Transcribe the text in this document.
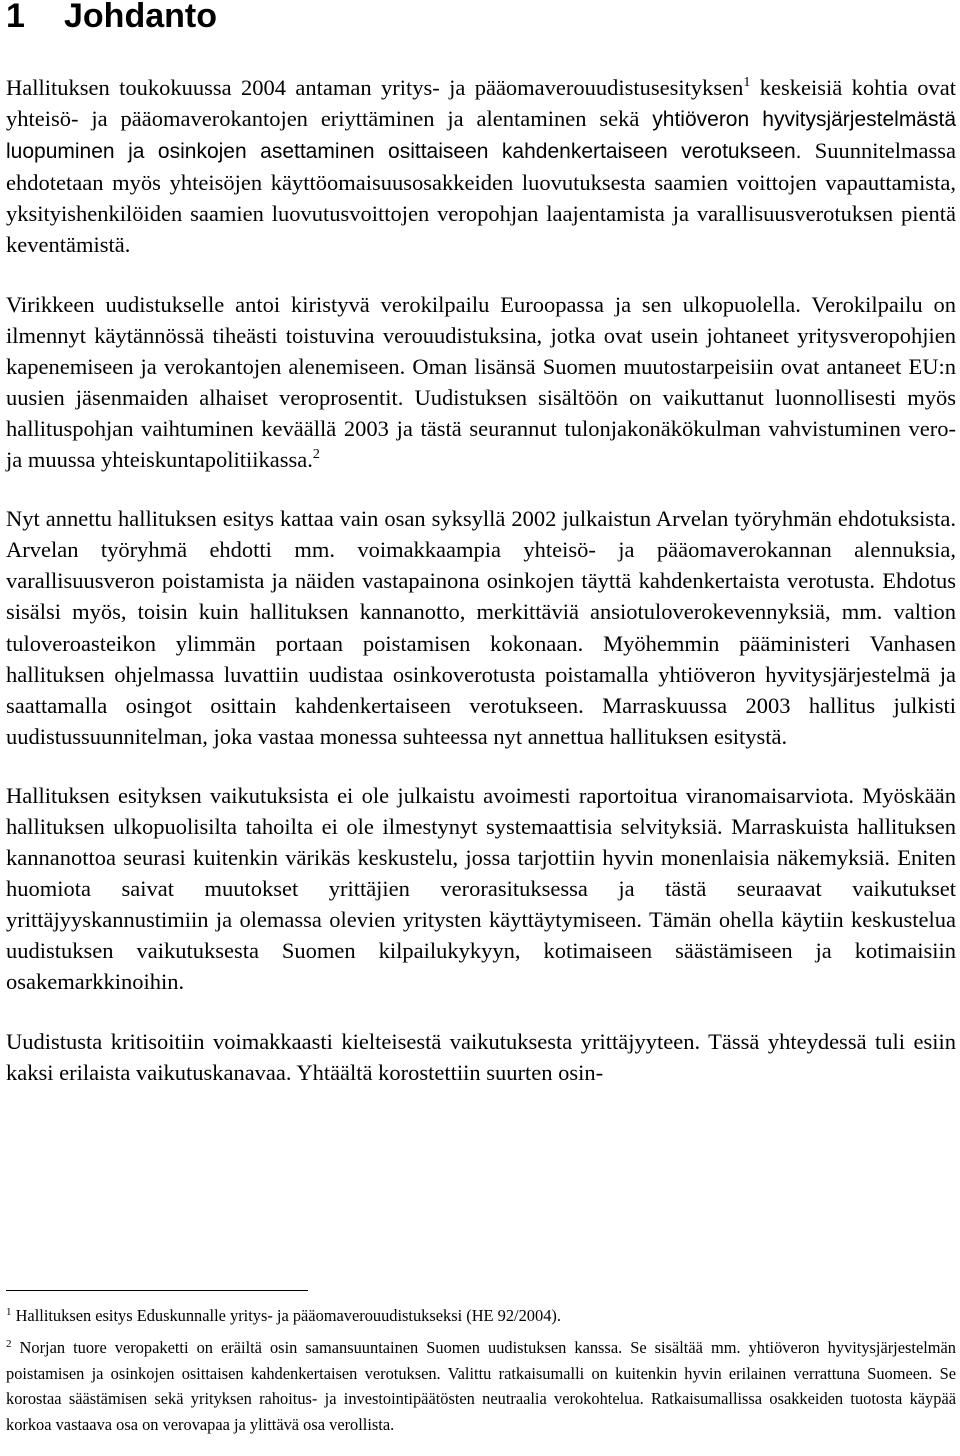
1 Johdanto

Hallituksen toukokuussa 2004 antaman yritys- ja pääomaverouudistusesityksen$^1$ keskeisiä kohtia ovat yhteisö- ja pääomaverokantojen eriyttäminen ja alentaminen sekä yhtiöveron hyvitysjärjestelmästä luopuminen ja osinkojen asettaminen osittaiseen kahdenkertaiseen verotukseen. Suunnitelmassa ehdotetaan myös yhteisöjen käyttöomaisuusosakkeiden luovutuksesta saamien voittojen vapauttamista, yksityishenkilöiden saamien luovutusvoittojen veropohjan laajentamista ja varallisuusverotuksen pientä keventämistä.

Virikkeen uudistukselle antoi kiristyvä verokilpailu Euroopassa ja sen ulkopuolella. Verokilpailu on ilmennyt käytännössä tiheästi toistuvina verouudistuksina, jotka ovat usein johtaneet yritysveropohjien kapenemiseen ja verokantojen alenemiseen. Oman lisänsä Suomen muutostarpeisiin ovat antaneet EU:n uusien jäsenmaiden alhaiset veroprosentit. Uudistuksen sisältöön on vaikuttanut luonnollisesti myös hallituspohjan vaihtuminen keväällä 2003 ja tästä seurannut tulonjakonäkökulman vahvistuminen vero- ja muussa yhteiskuntapolitiikassa.$^2$

Nyt annettu hallituksen esitys kattaa vain osan syksyllä 2002 julkaistun Arvelan työryhmän ehdotuksista. Arvelan työryhmä ehdotti mm. voimakkaampia yhteisö- ja pääomaverokannan alennuksia, varallisuusveron poistamista ja näiden vastapainona osinkojen täyttä kahdenkertaista verotusta. Ehdotus sisälsi myös, toisin kuin hallituksen kannanotto, merkittäviä ansiotuloverokevennyksiä, mm. valtion tuloveroasteikon ylimmän portaan poistamisen kokonaan. Myöhemmin pääministeri Vanhasen hallituksen ohjelmassa luvattiin uudistaa osinkoverotusta poistamalla yhtiöveron hyvitysjärjestelmä ja saattamalla osingot osittain kahdenkertaiseen verotukseen. Marraskuussa 2003 hallitus julkisti uudistussuunnitelman, joka vastaa monessa suhteessa nyt annettua hallituksen esitystä.

Hallituksen esityksen vaikutuksista ei ole julkaistu avoimesti raportoitua viranomaisarviota. Myöskään hallituksen ulkopuolisilta tahoilta ei ole ilmestynyt systemaattisia selvityksiä. Marraskuista hallituksen kannanottoa seurasi kuitenkin värikäs keskustelu, jossa tarjottiin hyvin monenlaisia näkemyksiä. Eniten huomiota saivat muutokset yrittäjien verorasituksessa ja tästä seuraavat vaikutukset yrittäjyyskannustimiin ja olemassa olevien yritysten käyttäytymiseen. Tämän ohella käytiin keskustelua uudistuksen vaikutuksesta Suomen kilpailukykyyn, kotimaiseen säästämiseen ja kotimaisiin osakemarkkinoihin.

Uudistusta kritisoitiin voimakkaasti kielteisestä vaikutuksesta yrittäjyyteen. Tässä yhteydessä tuli esiin kaksi erilaista vaikutuskanavaa. Yhtäältä korostettiin suurten osin-

$^1$ Hallituksen esitys Eduskunnalle yritys- ja pääomaverouudistukseksi (HE 92/2004).

$^2$ Norjan tuore veropaketti on eräiltä osin samansuuntainen Suomen uudistuksen kanssa. Se sisältää mm. yhtiöveron hyvitysjärjestelmän poistamisen ja osinkojen osittaisen kahdenkertaisen verotuksen. Valittu ratkaisumalli on kuitenkin hyvin erilainen verrattuna Suomeen. Se korostaa säästämisen sekä yrityksen rahoitus- ja investointipäätösten neutraalia verokohtelua. Ratkaisumallissa osakkeiden tuotosta käypää korkoa vastaava osa on verovapaa ja ylittävä osa verollista.
